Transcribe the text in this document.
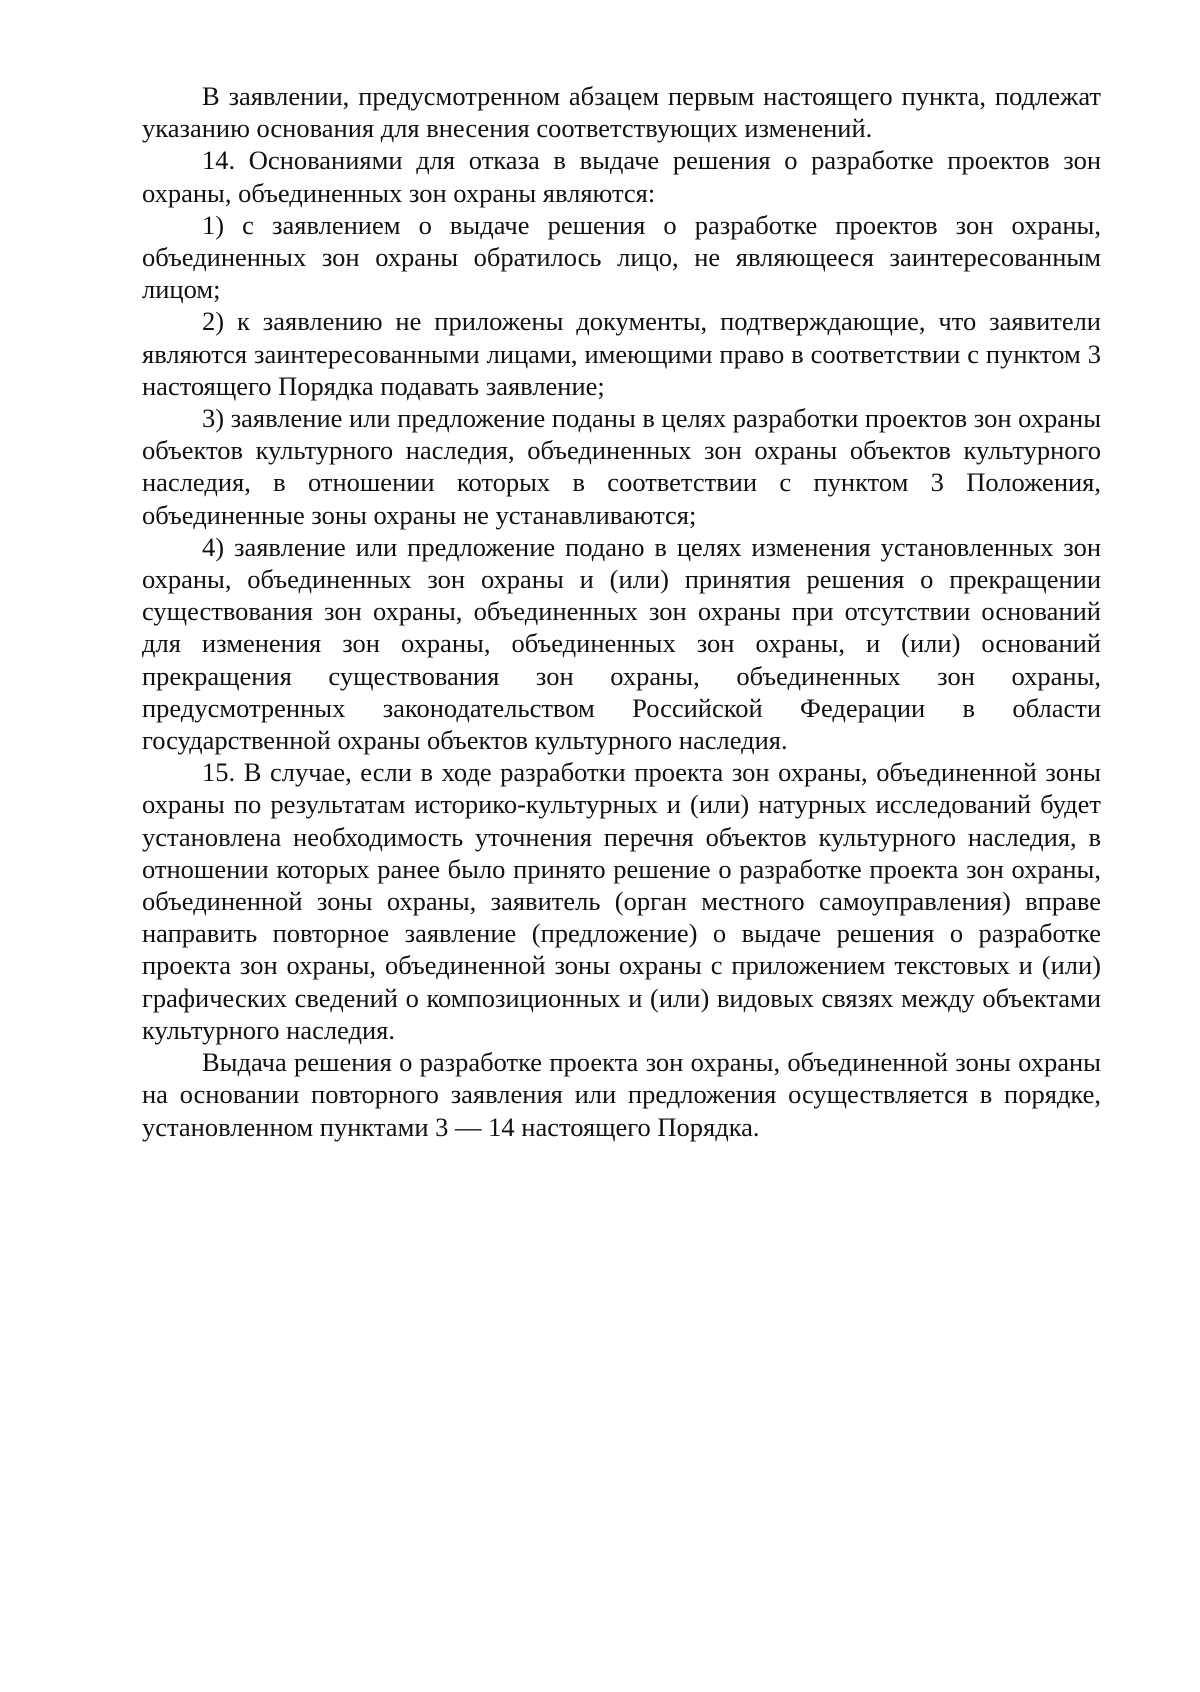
В заявлении, предусмотренном абзацем первым настоящего пункта, подлежат указанию основания для внесения соответствующих изменений.

14. Основаниями для отказа в выдаче решения о разработке проектов зон охраны, объединенных зон охраны являются:

1) с заявлением о выдаче решения о разработке проектов зон охраны, объединенных зон охраны обратилось лицо, не являющееся заинтересованным лицом;

2) к заявлению не приложены документы, подтверждающие, что заявители являются заинтересованными лицами, имеющими право в соответствии с пунктом 3 настоящего Порядка подавать заявление;

3) заявление или предложение поданы в целях разработки проектов зон охраны объектов культурного наследия, объединенных зон охраны объектов культурного наследия, в отношении которых в соответствии с пунктом 3 Положения, объединенные зоны охраны не устанавливаются;

4) заявление или предложение подано в целях изменения установленных зон охраны, объединенных зон охраны и (или) принятия решения о прекращении существования зон охраны, объединенных зон охраны при отсутствии оснований для изменения зон охраны, объединенных зон охраны, и (или) оснований прекращения существования зон охраны, объединенных зон охраны, предусмотренных законодательством Российской Федерации в области государственной охраны объектов культурного наследия.

15. В случае, если в ходе разработки проекта зон охраны, объединенной зоны охраны по результатам историко-культурных и (или) натурных исследований будет установлена необходимость уточнения перечня объектов культурного наследия, в отношении которых ранее было принято решение о разработке проекта зон охраны, объединенной зоны охраны, заявитель (орган местного самоуправления) вправе направить повторное заявление (предложение) о выдаче решения о разработке проекта зон охраны, объединенной зоны охраны с приложением текстовых и (или) графических сведений о композиционных и (или) видовых связях между объектами культурного наследия.

Выдача решения о разработке проекта зон охраны, объединенной зоны охраны на основании повторного заявления или предложения осуществляется в порядке, установленном пунктами 3 — 14 настоящего Порядка.
